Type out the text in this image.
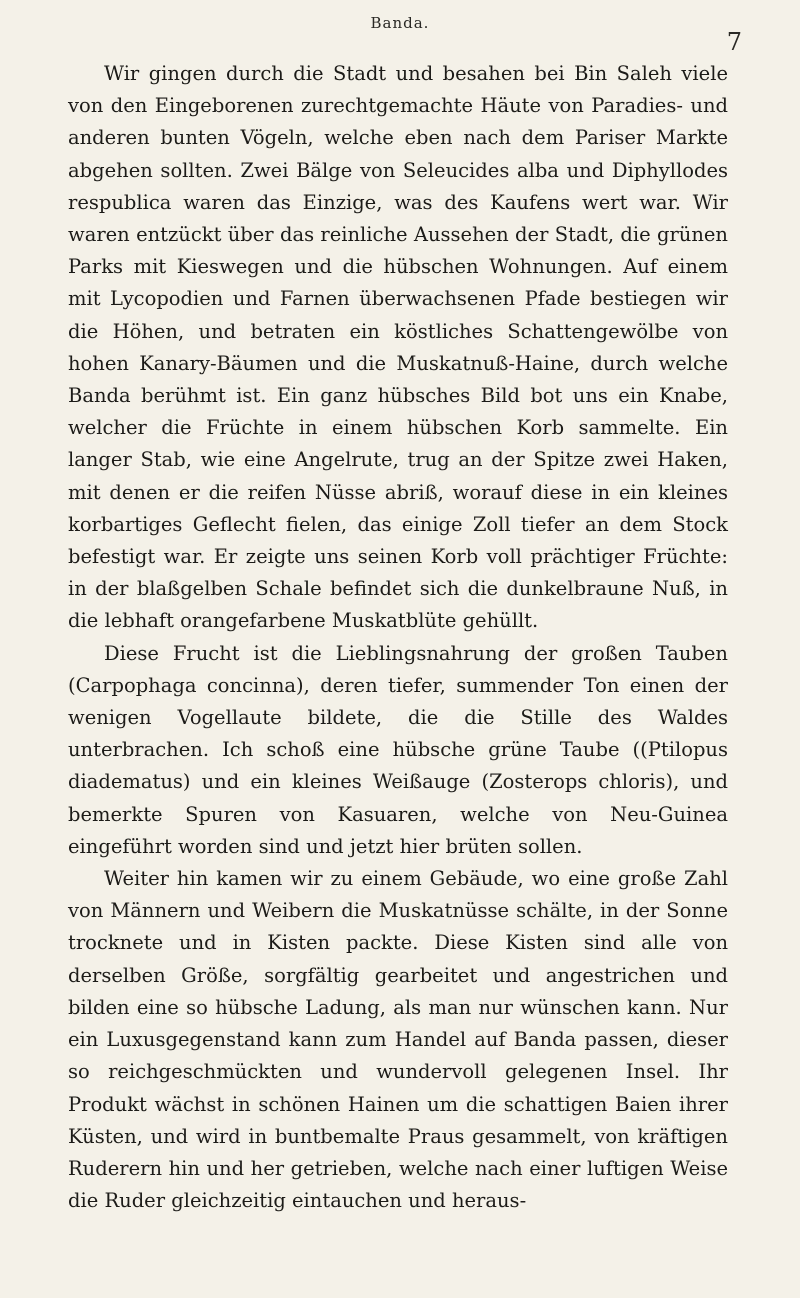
Banda.
7

Wir gingen durch die Stadt und besahen bei Bin Saleh viele von den Eingeborenen zurechtgemachte Häute von Paradies- und anderen bunten Vögeln, welche eben nach dem Pariser Markte abgehen sollten. Zwei Bälge von Seleucides alba und Diphyllodes respublica waren das Einzige, was des Kaufens wert war. Wir waren entzückt über das reinliche Aussehen der Stadt, die grünen Parks mit Kieswegen und die hübschen Wohnungen. Auf einem mit Lycopodien und Farnen überwachsenen Pfade bestiegen wir die Höhen, und betraten ein köstliches Schattengewölbe von hohen Kanary-Bäumen und die Muskatnuß-Haine, durch welche Banda berühmt ist. Ein ganz hübsches Bild bot uns ein Knabe, welcher die Früchte in einem hübschen Korb sammelte. Ein langer Stab, wie eine Angelrute, trug an der Spitze zwei Haken, mit denen er die reifen Nüsse abriß, worauf diese in ein kleines korbartiges Geflecht fielen, das einige Zoll tiefer an dem Stock befestigt war. Er zeigte uns seinen Korb voll prächtiger Früchte: in der blaßgelben Schale befindet sich die dunkelbraune Nuß, in die lebhaft orangefarbene Muskatblüte gehüllt.

Diese Frucht ist die Lieblingsnahrung der großen Tauben (Carpophaga concinna), deren tiefer, summender Ton einen der wenigen Vogellaute bildete, die die Stille des Waldes unterbrachen. Ich schoß eine hübsche grüne Taube ((Ptilopus diadematus) und ein kleines Weißauge (Zosterops chloris), und bemerkte Spuren von Kasuaren, welche von Neu-Guinea eingeführt worden sind und jetzt hier brüten sollen.

Weiter hin kamen wir zu einem Gebäude, wo eine große Zahl von Männern und Weibern die Muskatnüsse schälte, in der Sonne trocknete und in Kisten packte. Diese Kisten sind alle von derselben Größe, sorgfältig gearbeitet und angestrichen und bilden eine so hübsche Ladung, als man nur wünschen kann. Nur ein Luxusgegenstand kann zum Handel auf Banda passen, dieser so reichgeschmückten und wundervoll gelegenen Insel. Ihr Produkt wächst in schönen Hainen um die schattigen Baien ihrer Küsten, und wird in buntbemalte Praus gesammelt, von kräftigen Ruderern hin und her getrieben, welche nach einer luftigen Weise die Ruder gleichzeitig eintauchen und heraus-
